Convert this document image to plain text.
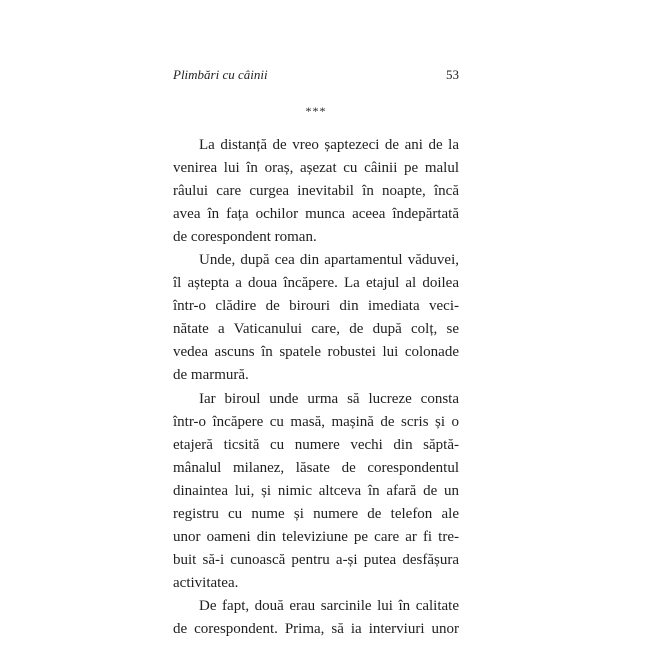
Plimbări cu câinii	53
***
La distanță de vreo șaptezeci de ani de la
venirea lui în oraș, așezat cu câinii pe malul
râului care curgea inevitabil în noapte, încă
avea în fața ochilor munca aceea îndepărtată
de corespondent roman.
Unde, după cea din apartamentul văduvei,
îl aștepta a doua încăpere. La etajul al doilea
într-o clădire de birouri din imediata veci-
nătate a Vaticanului care, de după colț, se
vedea ascuns în spatele robustei lui colonade
de marmură.
Iar biroul unde urma să lucreze consta
într-o încăpere cu masă, mașină de scris și o
etajeră ticsită cu numere vechi din săptă-
mânalul milanez, lăsate de corespondentul
dinaintea lui, și nimic altceva în afară de un
registru cu nume și numere de telefon ale
unor oameni din televiziune pe care ar fi tre-
buit să-i cunoască pentru a-și putea desfășura
activitatea.
De fapt, două erau sarcinile lui în calitate
de corespondent. Prima, să ia interviuri unor
